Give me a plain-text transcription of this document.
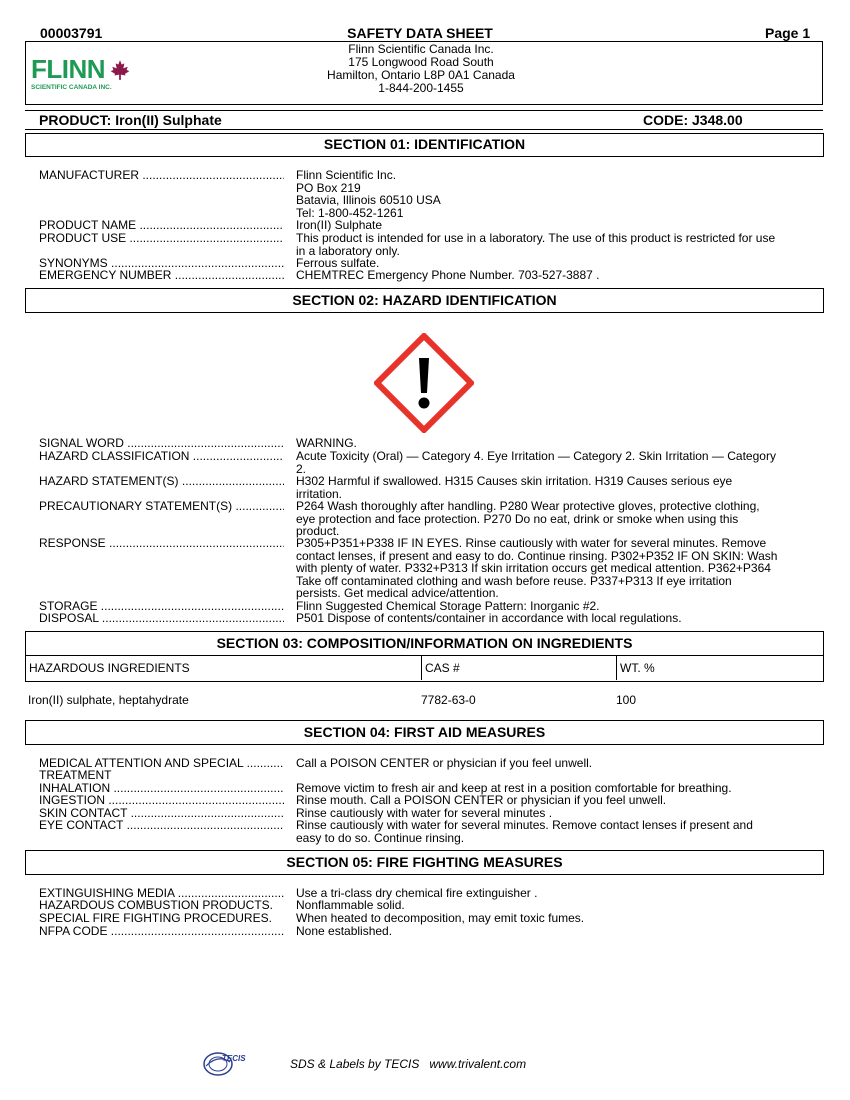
00003791	SAFETY DATA SHEET	Page 1
FLINN
SCIENTIFIC CANADA INC.
Flinn Scientific Canada Inc.
175 Longwood Road South
Hamilton, Ontario L8P 0A1 Canada
1-844-200-1455
PRODUCT: Iron(II) Sulphate	CODE: J348.00
SECTION 01: IDENTIFICATION
MANUFACTURER .....	Flinn Scientific Inc.
PO Box 219
Batavia, Illinois 60510 USA
Tel: 1-800-452-1261
PRODUCT NAME .....	Iron(II) Sulphate
PRODUCT USE .....	This product is intended for use in a laboratory. The use of this product is restricted for use
in a laboratory only.
SYNONYMS .....	Ferrous sulfate.
EMERGENCY NUMBER .....	CHEMTREC Emergency Phone Number. 703-527-3887 .
SECTION 02: HAZARD IDENTIFICATION
SIGNAL WORD .....	WARNING.
HAZARD CLASSIFICATION .....	Acute Toxicity (Oral) — Category 4. Eye Irritation — Category 2. Skin Irritation — Category
2.
HAZARD STATEMENT(S) .....	H302 Harmful if swallowed. H315 Causes skin irritation. H319 Causes serious eye
irritation.
PRECAUTIONARY STATEMENT(S) .....	P264 Wash thoroughly after handling. P280 Wear protective gloves, protective clothing,
eye protection and face protection. P270 Do no eat, drink or smoke when using this
product.
RESPONSE .....	P305+P351+P338 IF IN EYES. Rinse cautiously with water for several minutes. Remove
contact lenses, if present and easy to do. Continue rinsing. P302+P352 IF ON SKIN: Wash
with plenty of water. P332+P313 If skin irritation occurs get medical attention. P362+P364
Take off contaminated clothing and wash before reuse. P337+P313 If eye irritation
persists. Get medical advice/attention.
STORAGE .....	Flinn Suggested Chemical Storage Pattern: Inorganic #2.
DISPOSAL .....	P501 Dispose of contents/container in accordance with local regulations.
SECTION 03: COMPOSITION/INFORMATION ON INGREDIENTS
HAZARDOUS INGREDIENTS	CAS #	WT. %
Iron(II) sulphate, heptahydrate	7782-63-0	100
SECTION 04: FIRST AID MEASURES
MEDICAL ATTENTION AND SPECIAL .....	Call a POISON CENTER or physician if you feel unwell.
TREATMENT
INHALATION .....	Remove victim to fresh air and keep at rest in a position comfortable for breathing.
INGESTION .....	Rinse mouth. Call a POISON CENTER or physician if you feel unwell.
SKIN CONTACT .....	Rinse cautiously with water for several minutes .
EYE CONTACT .....	Rinse cautiously with water for several minutes. Remove contact lenses if present and
easy to do so. Continue rinsing.
SECTION 05: FIRE FIGHTING MEASURES
EXTINGUISHING MEDIA .....	Use a tri-class dry chemical fire extinguisher .
HAZARDOUS COMBUSTION PRODUCTS.	Nonflammable solid.
SPECIAL FIRE FIGHTING PROCEDURES.	When heated to decomposition, may emit toxic fumes.
NFPA CODE .....	None established.
TECIS	SDS & Labels by TECIS   www.trivalent.com
